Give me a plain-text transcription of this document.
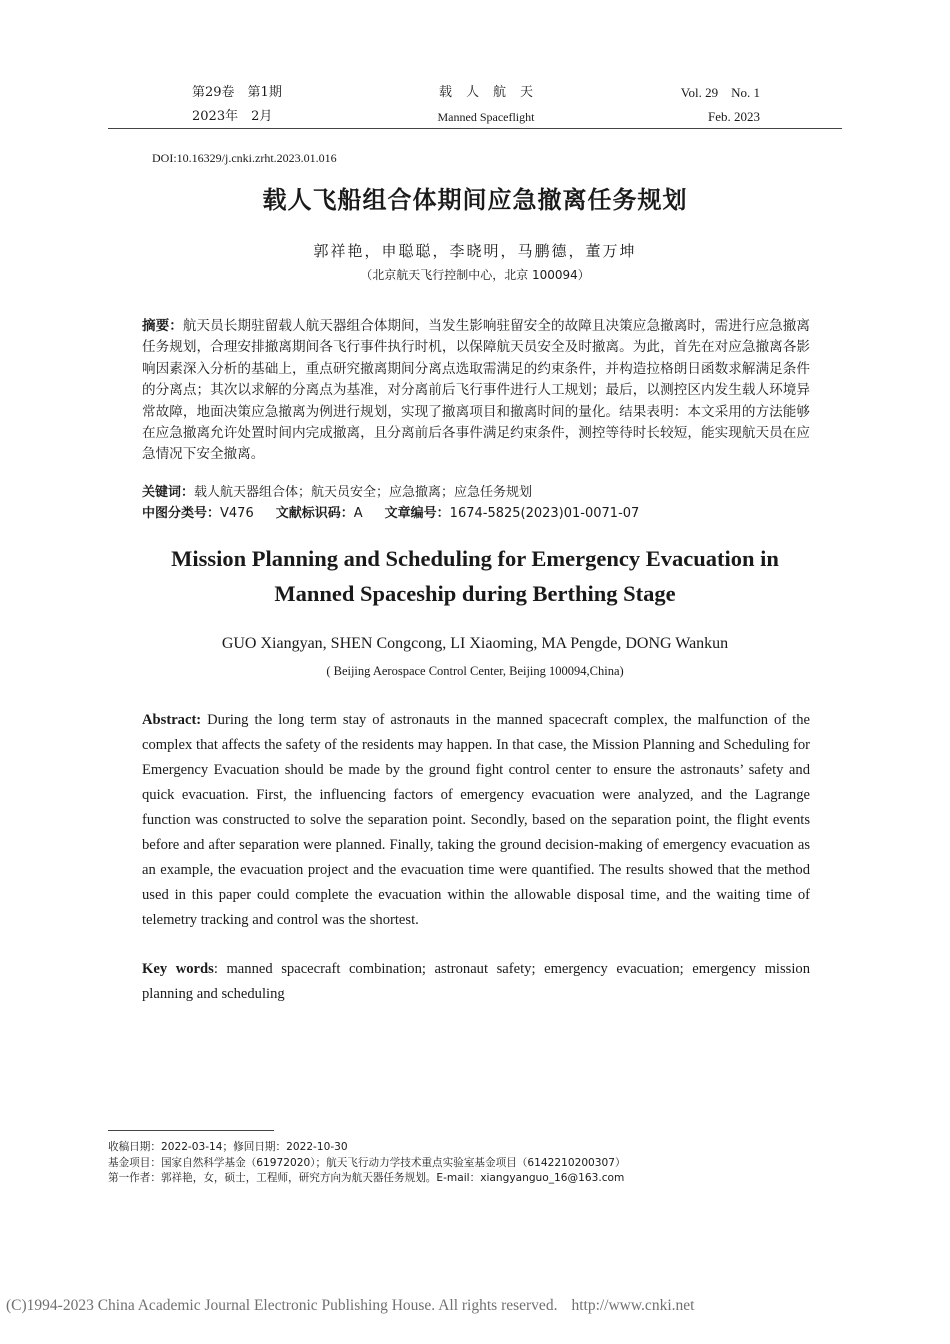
第29卷　第1期
2023年　2月
载人航天
Manned Spaceflight
Vol. 29　No. 1
Feb. 2023
DOI:10.16329/j.cnki.zrht.2023.01.016
载人飞船组合体期间应急撤离任务规划
郭祥艳，申聪聪，李晓明，马鹏德，董万坤
（北京航天飞行控制中心，北京 100094）
摘要：航天员长期驻留载人航天器组合体期间，当发生影响驻留安全的故障且决策应急撤离时，需进行应急撤离任务规划，合理安排撤离期间各飞行事件执行时机，以保障航天员安全及时撤离。为此，首先在对应急撤离各影响因素深入分析的基础上，重点研究撤离期间分离点选取需满足的约束条件，并构造拉格朗日函数求解满足条件的分离点；其次以求解的分离点为基准，对分离前后飞行事件进行人工规划；最后，以测控区内发生载人环境异常故障，地面决策应急撤离为例进行规划，实现了撤离项目和撤离时间的量化。结果表明：本文采用的方法能够在应急撤离允许处置时间内完成撤离，且分离前后各事件满足约束条件，测控等待时长较短，能实现航天员在应急情况下安全撤离。
关键词：载人航天器组合体；航天员安全；应急撤离；应急任务规划
中图分类号：V476 文献标识码：A 文章编号：1674-5825(2023)01-0071-07
Mission Planning and Scheduling for Emergency Evacuation in
Manned Spaceship during Berthing Stage
GUO Xiangyan, SHEN Congcong, LI Xiaoming, MA Pengde, DONG Wankun
( Beijing Aerospace Control Center, Beijing 100094,China)
Abstract: During the long term stay of astronauts in the manned spacecraft complex, the malfunction of the complex that affects the safety of the residents may happen. In that case, the Mission Planning and Scheduling for Emergency Evacuation should be made by the ground fight control center to ensure the astronauts’ safety and quick evacuation. First, the influencing factors of emergency evacuation were analyzed, and the Lagrange function was constructed to solve the separation point. Secondly, based on the separation point, the flight events before and after separation were planned. Finally, taking the ground decision-making of emergency evacuation as an example, the evacuation project and the evacuation time were quantified. The results showed that the method used in this paper could complete the evacuation within the allowable disposal time, and the waiting time of telemetry tracking and control was the shortest.
Key words: manned spacecraft combination; astronaut safety; emergency evacuation; emergency mission planning and scheduling
收稿日期：2022-03-14；修回日期：2022-10-30
基金项目：国家自然科学基金（61972020）；航天飞行动力学技术重点实验室基金项目（6142210200307）
第一作者：郭祥艳，女，硕士，工程师，研究方向为航天器任务规划。E-mail：xiangyanguo_16@163.com
(C)1994-2023 China Academic Journal Electronic Publishing House. All rights reserved. http://www.cnki.net
